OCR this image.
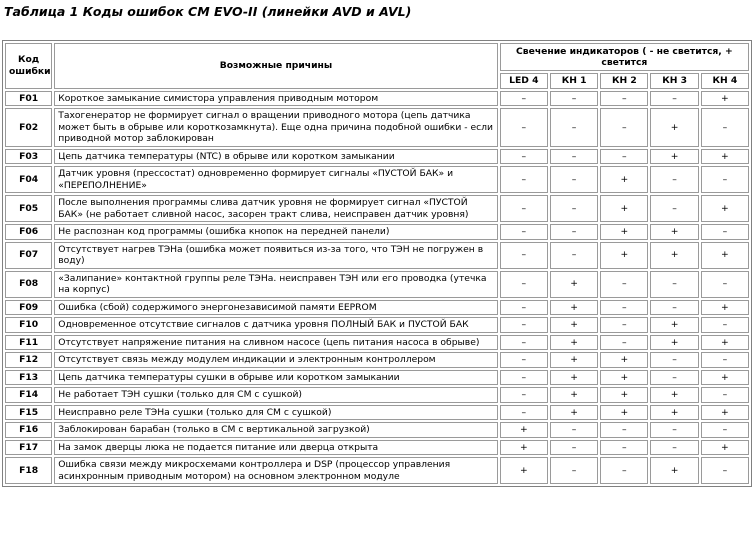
Таблица 1 Коды ошибок СМ EVO-II (линейки AVD и AVL)
Код ошибки	Возможные причины	Свечение индикаторов ( - не светится, + светится				
		LED 4	КН 1	КН 2	КН 3	КН 4
F01	Короткое замыкание симистора управления приводным мотором	–	–	–	–	+
F02	Тахогенератор не формирует сигнал о вращении приводного мотора (цепь датчика может быть в обрыве или короткозамкнута). Еще одна причина подобной ошибки - если приводной мотор заблокирован	–	–	–	+	–
F03	Цепь датчика температуры (NTC) в обрыве или коротком замыкании	–	–	–	+	+
F04	Датчик уровня (прессостат) одновременно формирует сигналы «ПУСТОЙ БАК» и «ПЕРЕПОЛНЕНИЕ»	–	–	+	–	–
F05	После выполнения программы слива датчик уровня не формирует сигнал «ПУСТОЙ БАК» (не работает сливной насос, засорен тракт слива, неисправен датчик уровня)	–	–	+	–	+
F06	Не распознан код программы (ошибка кнопок на передней панели)	–	–	+	+	–
F07	Отсутствует нагрев ТЭНа (ошибка может появиться из-за того, что ТЭН не погружен в воду)	–	–	+	+	+
F08	«Залипание» контактной группы реле ТЭНа. неисправен ТЭН или его проводка (утечка на корпус)	–	+	–	–	–
F09	Ошибка (сбой) содержимого энергонезависимой памяти EEPROM	–	+	–	–	+
F10	Одновременное отсутствие сигналов с датчика уровня ПОЛНЫЙ БАК и ПУСТОЙ БАК	–	+	–	+	–
F11	Отсутствует напряжение питания на сливном насосе (цепь питания насоса в обрыве)	–	+	–	+	+
F12	Отсутствует связь между модулем индикации и электронным контроллером	–	+	+	–	–
F13	Цепь датчика температуры сушки в обрыве или коротком замыкании	–	+	+	–	+
F14	Не работает ТЭН сушки (только для СМ с сушкой)	–	+	+	+	–
F15	Неисправно реле ТЭНа сушки (только для СМ с сушкой)	–	+	+	+	+
F16	Заблокирован барабан (только в СМ с вертикальной загрузкой)	+	–	–	–	–
F17	На замок дверцы люка не подается питание или дверца открыта	+	–	–	–	+
F18	Ошибка связи между микросхемами контроллера и DSP (процессор управления асинхронным приводным мотором) на основном электронном модуле	+	–	–	+	–
